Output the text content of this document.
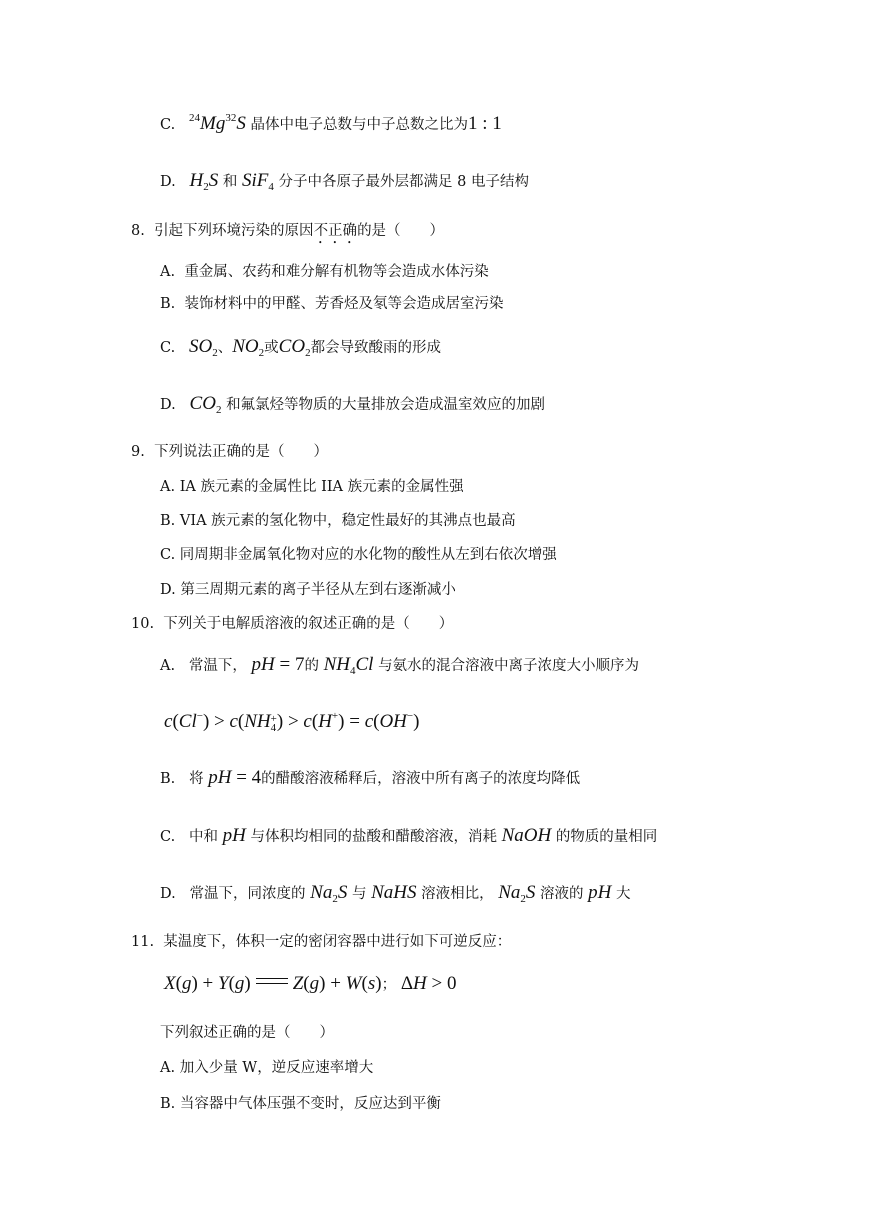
C. $^{24}$Mg$^{32}$S 晶体中电子总数与中子总数之比为1 : 1
D. $H_2S$ 和 SiF$_4$ 分子中各原子最外层都满足 8 电子结构
8. 引起下列环境污染的原因不正确的是（　　）
A. 重金属、农药和难分解有机物等会造成水体污染
B. 装饰材料中的甲醛、芳香烃及氡等会造成居室污染
C. $SO_2$、$NO_2$或$CO_2$都会导致酸雨的形成
D. $CO_2$ 和氟氯烃等物质的大量排放会造成温室效应的加剧
9. 下列说法正确的是（　　）
A. IA 族元素的金属性比 IIA 族元素的金属性强
B. VIA 族元素的氢化物中，稳定性最好的其沸点也最高
C. 同周期非金属氧化物对应的水化物的酸性从左到右依次增强
D. 第三周期元素的离子半径从左到右逐渐减小
10. 下列关于电解质溶液的叙述正确的是（　　）
A. 常温下， pH = 7的 $NH_4Cl$ 与氨水的混合溶液中离子浓度大小顺序为
c(Cl−) > c(NH+
4) > c(H+) = c(OH−)
B. 将 pH = 4的醋酸溶液稀释后，溶液中所有离子的浓度均降低
C. 中和 pH 与体积均相同的盐酸和醋酸溶液，消耗 NaOH 的物质的量相同
D. 常温下，同浓度的 $Na_2S$ 与 NaHS 溶液相比， $Na_2S$ 溶液的 pH 大
11. 某温度下，体积一定的密闭容器中进行如下可逆反应：
X(g) + Y(g) Z(g) + W(s)； ΔH > 0
下列叙述正确的是（　　）
A. 加入少量 W，逆反应速率增大
B. 当容器中气体压强不变时，反应达到平衡
